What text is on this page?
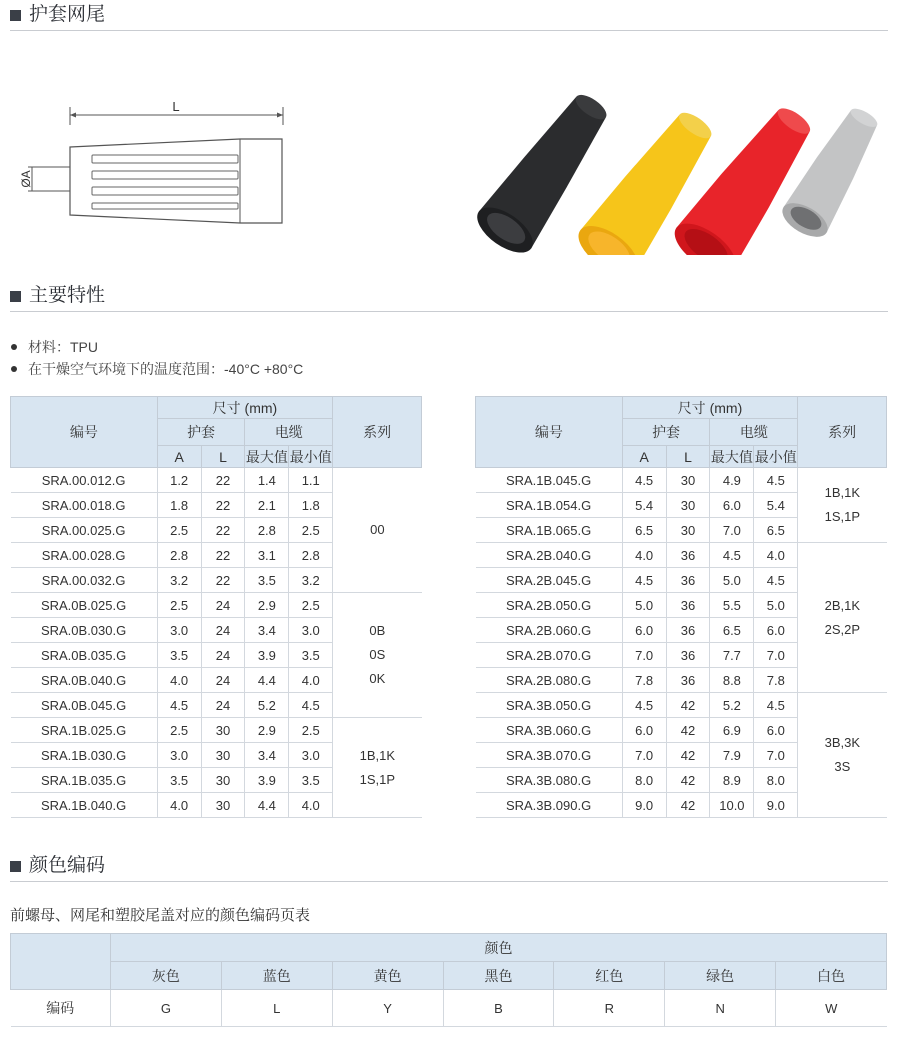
护套网尾
L
ØA
主要特性
材料：TPU
在干燥空气环境下的温度范围：-40°C +80°C
编号	尺寸 (mm)				系列
	护套		电缆		
	A	L	最大值	最小值	
SRA.00.012.G	1.2	22	1.4	1.1	00

SRA.00.018.G	1.8	22	2.1	1.8	
SRA.00.025.G	2.5	22	2.8	2.5	
SRA.00.028.G	2.8	22	3.1	2.8	
SRA.00.032.G	3.2	22	3.5	3.2	
SRA.0B.025.G	2.5	24	2.9	2.5	0B
0S
0K

SRA.0B.030.G	3.0	24	3.4	3.0	
SRA.0B.035.G	3.5	24	3.9	3.5	
SRA.0B.040.G	4.0	24	4.4	4.0	
SRA.0B.045.G	4.5	24	5.2	4.5	
SRA.1B.025.G	2.5	30	2.9	2.5	1B,1K
1S,1P

SRA.1B.030.G	3.0	30	3.4	3.0	
SRA.1B.035.G	3.5	30	3.9	3.5	
SRA.1B.040.G	4.0	30	4.4	4.0	
编号	尺寸 (mm)				系列
	护套		电缆		
	A	L	最大值	最小值	
SRA.1B.045.G	4.5	30	4.9	4.5	1B,1K
1S,1P

SRA.1B.054.G	5.4	30	6.0	5.4	
SRA.1B.065.G	6.5	30	7.0	6.5	
SRA.2B.040.G	4.0	36	4.5	4.0	2B,1K
2S,2P

SRA.2B.045.G	4.5	36	5.0	4.5	
SRA.2B.050.G	5.0	36	5.5	5.0	
SRA.2B.060.G	6.0	36	6.5	6.0	
SRA.2B.070.G	7.0	36	7.7	7.0	
SRA.2B.080.G	7.8	36	8.8	7.8	
SRA.3B.050.G	4.5	42	5.2	4.5	3B,3K
3S

SRA.3B.060.G	6.0	42	6.9	6.0	
SRA.3B.070.G	7.0	42	7.9	7.0	
SRA.3B.080.G	8.0	42	8.9	8.0	
SRA.3B.090.G	9.0	42	10.0	9.0	
颜色编码
前螺母、网尾和塑胶尾盖对应的颜色编码页表
	颜色						
	灰色	蓝色	黄色	黑色	红色	绿色	白色
编码	G	L	Y	B	R	N	W
